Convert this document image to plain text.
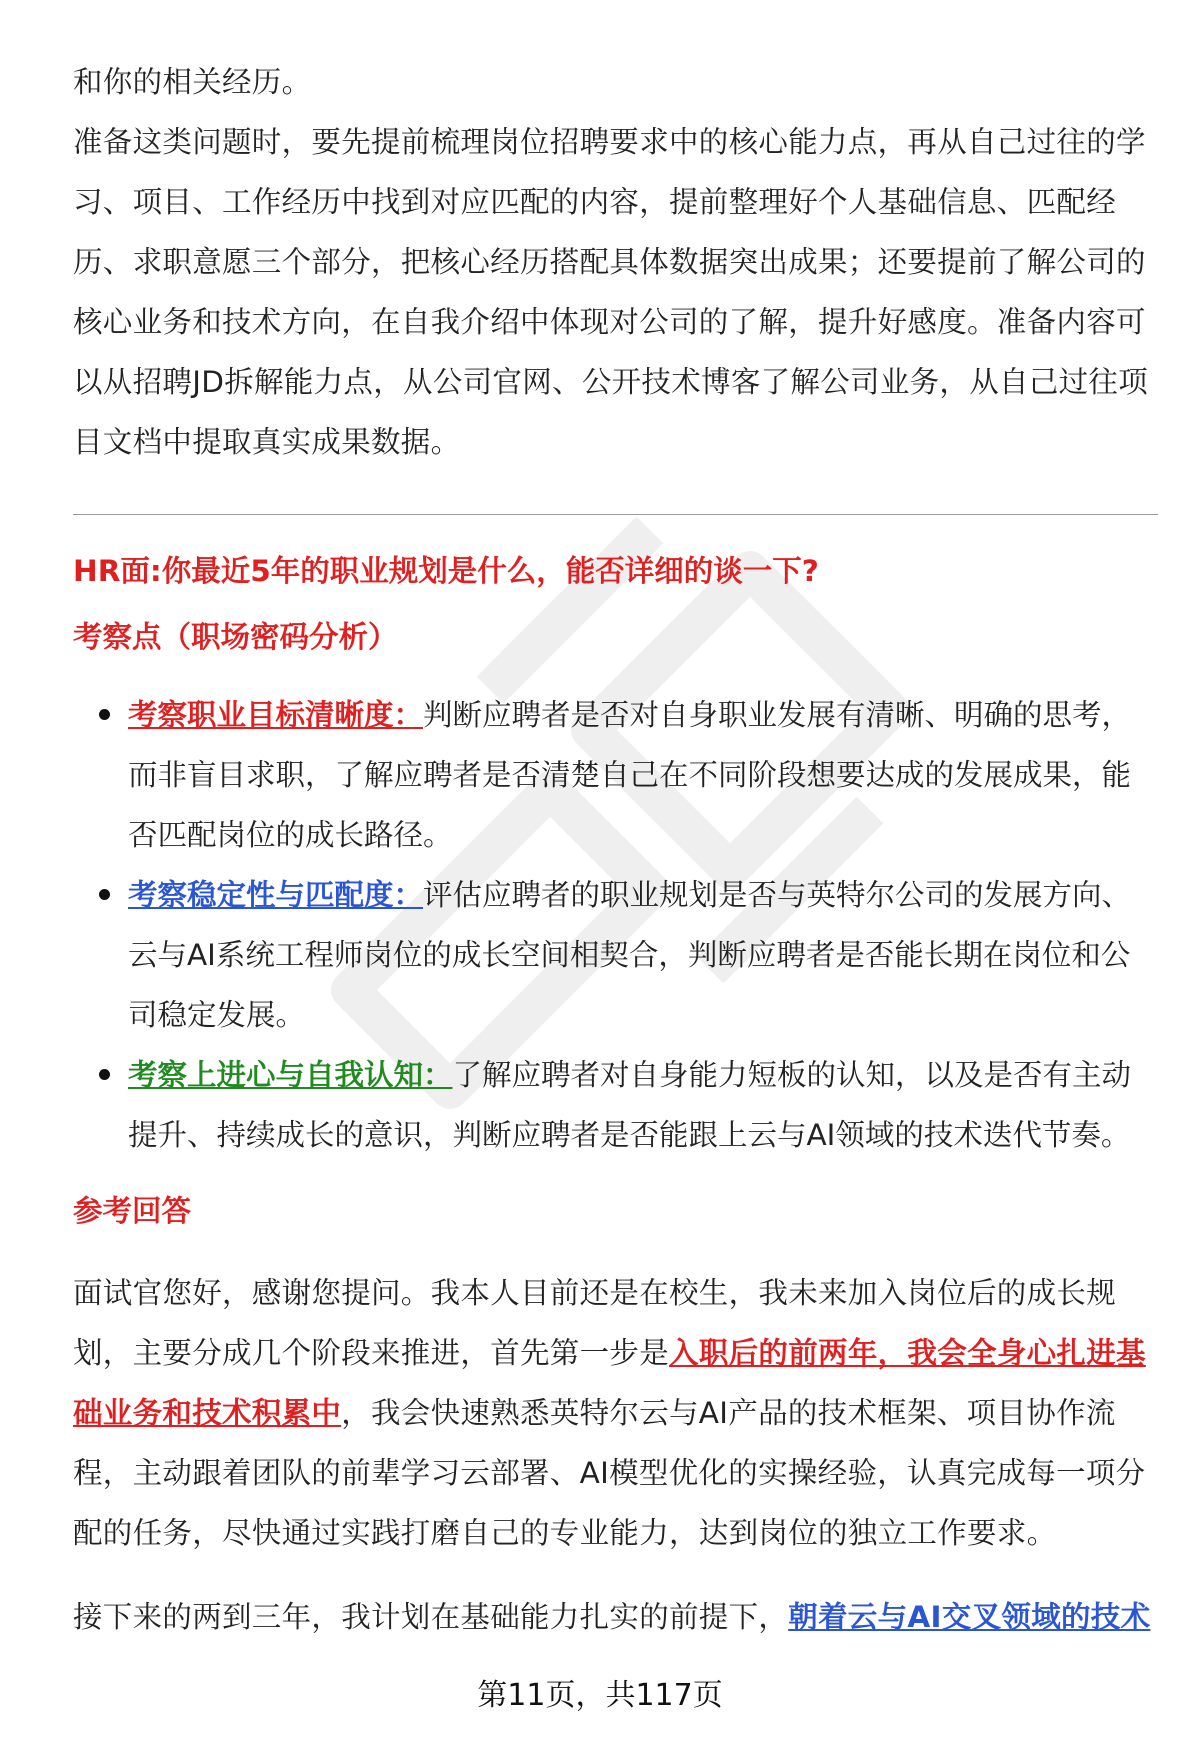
和你的相关经历。

准备这类问题时，要先提前梳理岗位招聘要求中的核心能力点，再从自己过往的学习、项目、工作经历中找到对应匹配的内容，提前整理好个人基础信息、匹配经历、求职意愿三个部分，把核心经历搭配具体数据突出成果；还要提前了解公司的核心业务和技术方向，在自我介绍中体现对公司的了解，提升好感度。准备内容可以从招聘JD拆解能力点，从公司官网、公开技术博客了解公司业务，从自己过往项目文档中提取真实成果数据。

HR面:你最近5年的职业规划是什么，能否详细的谈一下?
考察点（职场密码分析）
考察职业目标清晰度：判断应聘者是否对自身职业发展有清晰、明确的思考，而非盲目求职，了解应聘者是否清楚自己在不同阶段想要达成的发展成果，能否匹配岗位的成长路径。
考察稳定性与匹配度：评估应聘者的职业规划是否与英特尔公司的发展方向、云与AI系统工程师岗位的成长空间相契合，判断应聘者是否能长期在岗位和公司稳定发展。
考察上进心与自我认知：了解应聘者对自身能力短板的认知，以及是否有主动提升、持续成长的意识，判断应聘者是否能跟上云与AI领域的技术迭代节奏。
参考回答

面试官您好，感谢您提问。我本人目前还是在校生，我未来加入岗位后的成长规划，主要分成几个阶段来推进，首先第一步是入职后的前两年，我会全身心扎进基础业务和技术积累中，我会快速熟悉英特尔云与AI产品的技术框架、项目协作流程，主动跟着团队的前辈学习云部署、AI模型优化的实操经验，认真完成每一项分配的任务，尽快通过实践打磨自己的专业能力，达到岗位的独立工作要求。

接下来的两到三年，我计划在基础能力扎实的前提下，朝着云与AI交叉领域的技术

第11页，共117页
